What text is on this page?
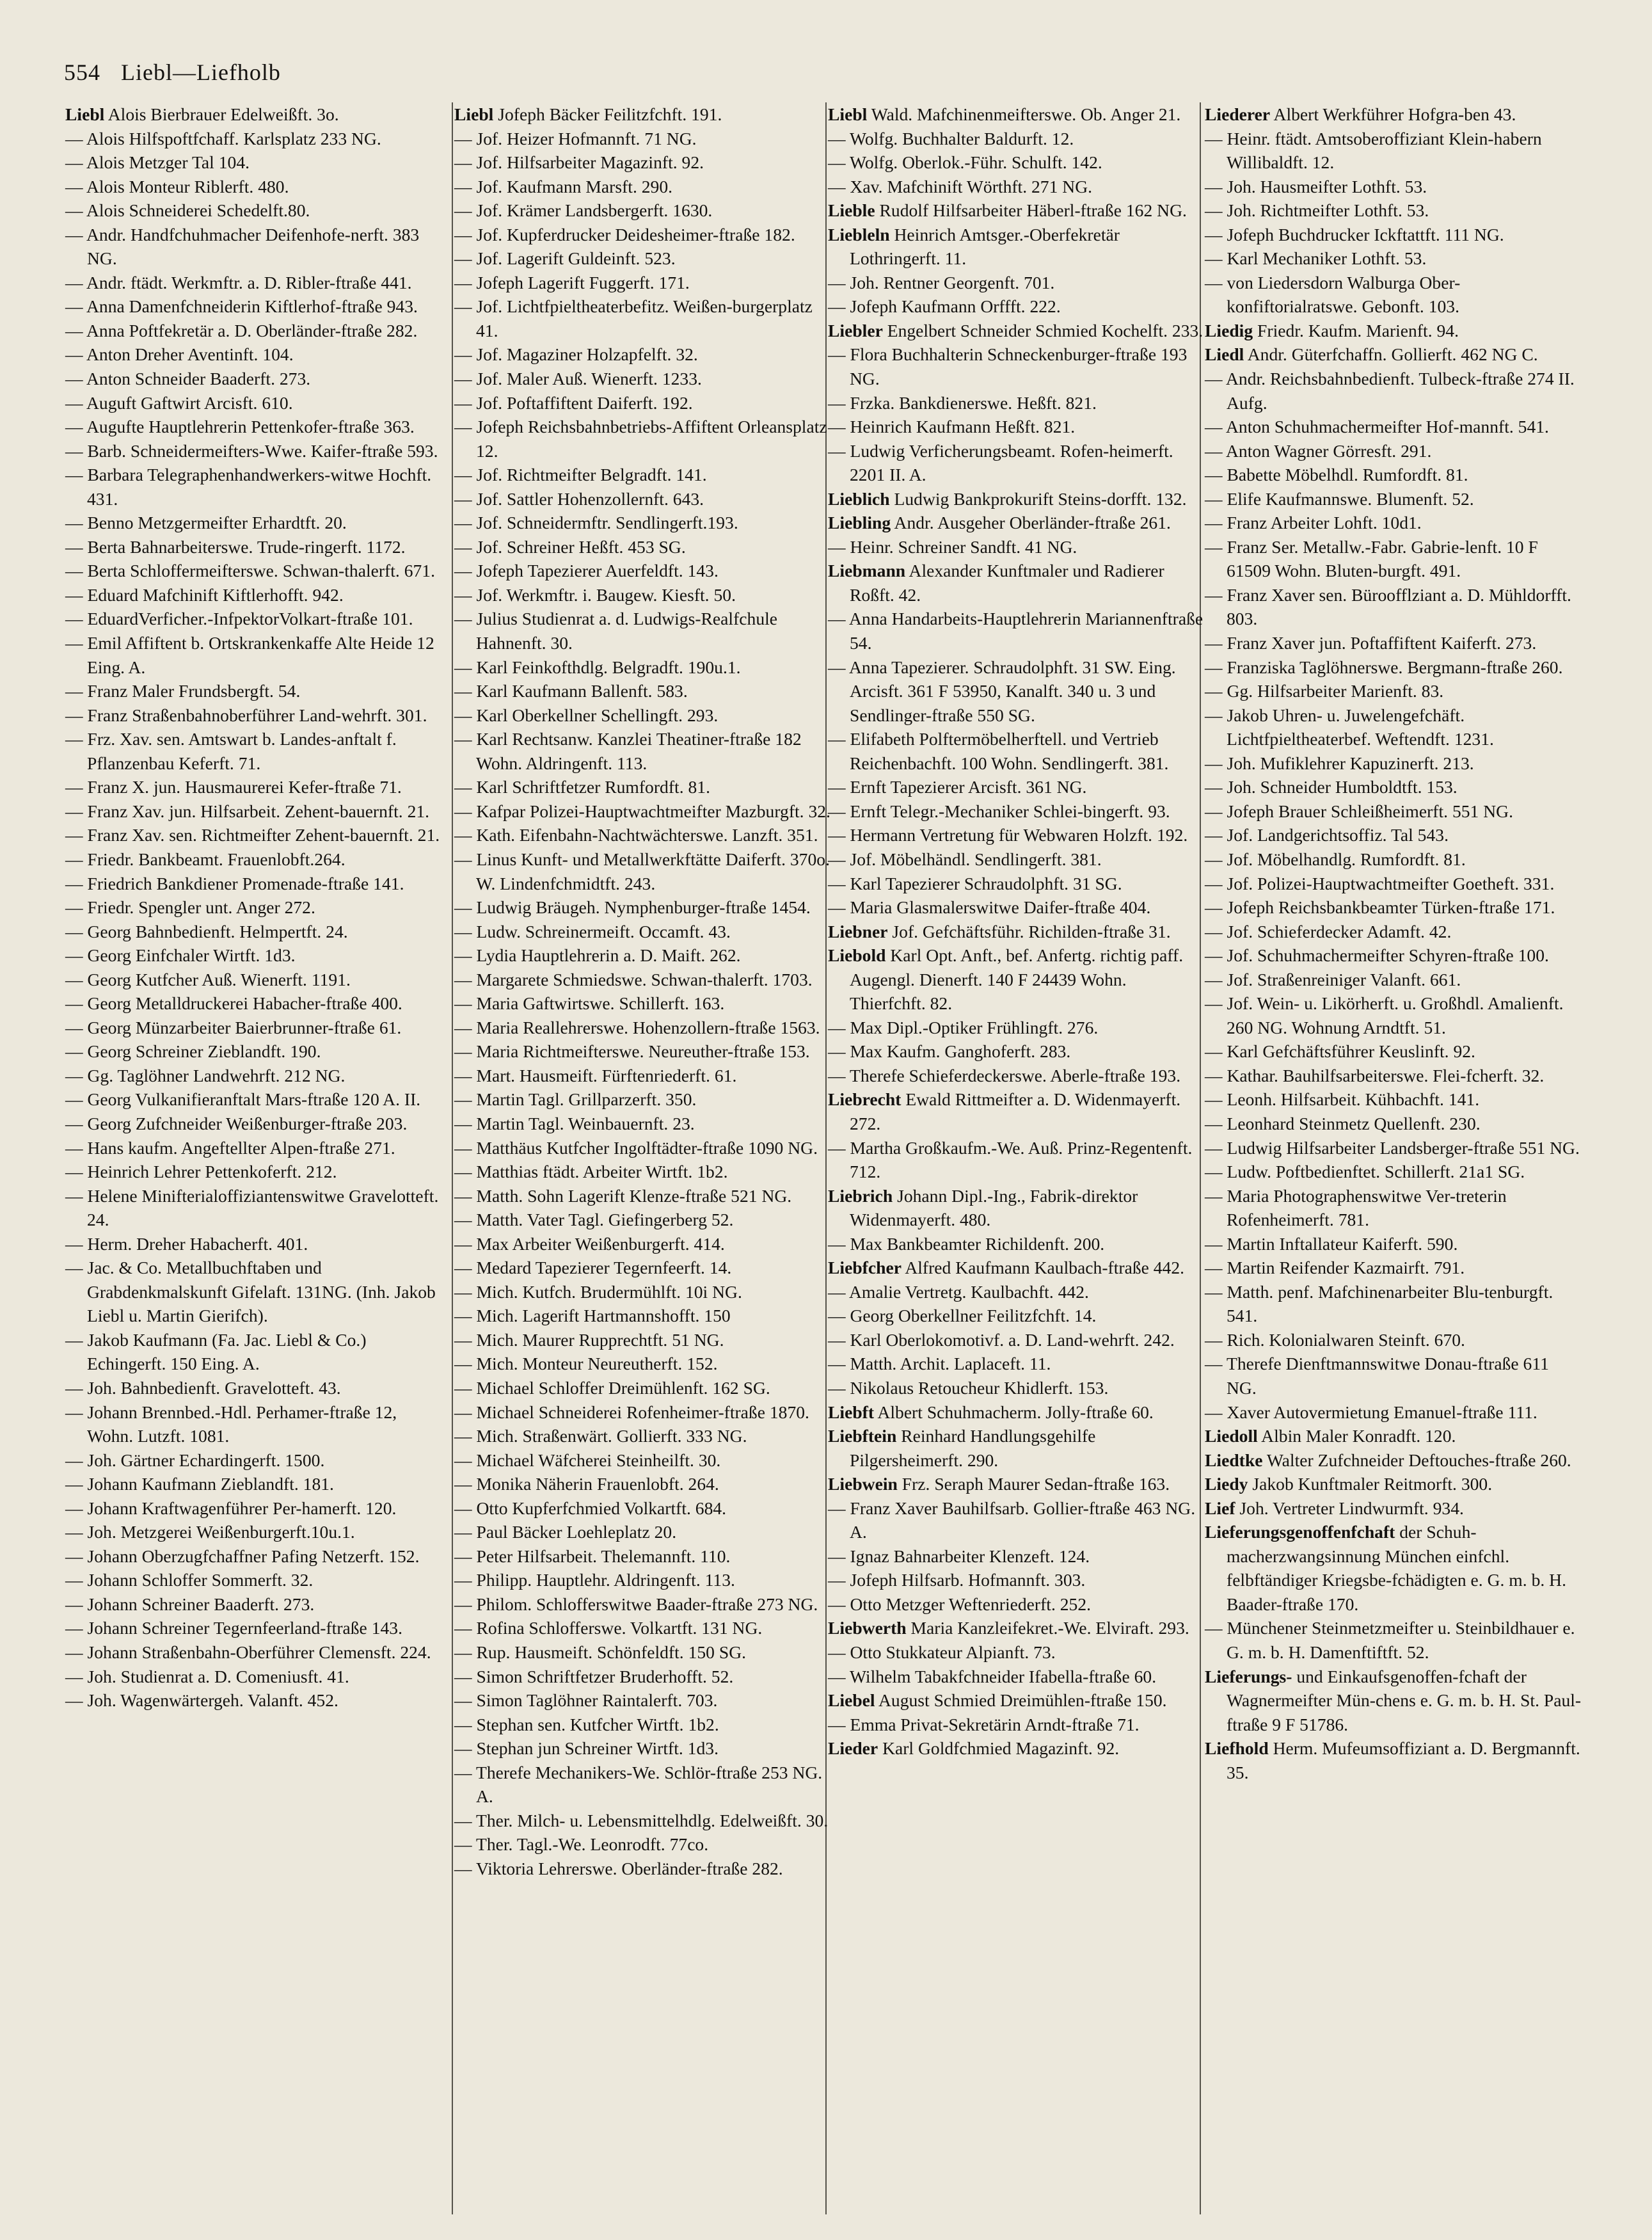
554 Liebl—Liefholb

Liebl Alois Bierbrauer Edelweißft. 3o.

— Alois Hilfspoftfchaff. Karlsplatz 233 NG.

— Alois Metzger Tal 104.

— Alois Monteur Riblerft. 480.

— Alois Schneiderei Schedelft.80.

— Andr. Handfchuhmacher Deifenhofe-nerft. 383 NG.

— Andr. ftädt. Werkmftr. a. D. Ribler-ftraße 441.

— Anna Damenfchneiderin Kiftlerhof-ftraße 943.

— Anna Poftfekretär a. D. Oberländer-ftraße 282.

— Anton Dreher Aventinft. 104.

— Anton Schneider Baaderft. 273.

— Auguft Gaftwirt Arcisft. 610.

— Augufte Hauptlehrerin Pettenkofer-ftraße 363.

— Barb. Schneidermeifters-Wwe. Kaifer-ftraße 593.

— Barbara Telegraphenhandwerkers-witwe Hochft. 431.

— Benno Metzgermeifter Erhardtft. 20.

— Berta Bahnarbeiterswe. Trude-ringerft. 1172.

— Berta Schloffermeifterswe. Schwan-thalerft. 671.

— Eduard Mafchinift Kiftlerhofft. 942.

— EduardVerficher.-InfpektorVolkart-ftraße 101.

— Emil Affiftent b. Ortskrankenkaffe Alte Heide 12 Eing. A.

— Franz Maler Frundsbergft. 54.

— Franz Straßenbahnoberführer Land-wehrft. 301.

— Frz. Xav. sen. Amtswart b. Landes-anftalt f. Pflanzenbau Keferft. 71.

— Franz X. jun. Hausmaurerei Kefer-ftraße 71.

— Franz Xav. jun. Hilfsarbeit. Zehent-bauernft. 21.

— Franz Xav. sen. Richtmeifter Zehent-bauernft. 21.

— Friedr. Bankbeamt. Frauenlobft.264.

— Friedrich Bankdiener Promenade-ftraße 141.

— Friedr. Spengler unt. Anger 272.

— Georg Bahnbedienft. Helmpertft. 24.

— Georg Einfchaler Wirtft. 1d3.

— Georg Kutfcher Auß. Wienerft. 1191.

— Georg Metalldruckerei Habacher-ftraße 400.

— Georg Münzarbeiter Baierbrunner-ftraße 61.

— Georg Schreiner Zieblandft. 190.

— Gg. Taglöhner Landwehrft. 212 NG.

— Georg Vulkanifieranftalt Mars-ftraße 120 A. II.

— Georg Zufchneider Weißenburger-ftraße 203.

— Hans kaufm. Angeftellter Alpen-ftraße 271.

— Heinrich Lehrer Pettenkoferft. 212.

— Helene Minifterialoffiziantenswitwe Gravelotteft. 24.

— Herm. Dreher Habacherft. 401.

— Jac. & Co. Metallbuchftaben und Grabdenkmalskunft Gifelaft. 131NG. (Inh. Jakob Liebl u. Martin Gierifch).

— Jakob Kaufmann (Fa. Jac. Liebl & Co.) Echingerft. 150 Eing. A.

— Joh. Bahnbedienft. Gravelotteft. 43.

— Johann Brennbed.-Hdl. Perhamer-ftraße 12, Wohn. Lutzft. 1081.

— Joh. Gärtner Echardingerft. 1500.

— Johann Kaufmann Zieblandft. 181.

— Johann Kraftwagenführer Per-hamerft. 120.

— Joh. Metzgerei Weißenburgerft.10u.1.

— Johann Oberzugfchaffner Pafing Netzerft. 152.

— Johann Schloffer Sommerft. 32.

— Johann Schreiner Baaderft. 273.

— Johann Schreiner Tegernfeerland-ftraße 143.

— Johann Straßenbahn-Oberführer Clemensft. 224.

— Joh. Studienrat a. D. Comeniusft. 41.

— Joh. Wagenwärtergeh. Valanft. 452.

Liebl Jofeph Bäcker Feilitzfchft. 191.

— Jof. Heizer Hofmannft. 71 NG.

— Jof. Hilfsarbeiter Magazinft. 92.

— Jof. Kaufmann Marsft. 290.

— Jof. Krämer Landsbergerft. 1630.

— Jof. Kupferdrucker Deidesheimer-ftraße 182.

— Jof. Lagerift Guldeinft. 523.

— Jofeph Lagerift Fuggerft. 171.

— Jof. Lichtfpieltheaterbefitz. Weißen-burgerplatz 41.

— Jof. Magaziner Holzapfelft. 32.

— Jof. Maler Auß. Wienerft. 1233.

— Jof. Poftaffiftent Daiferft. 192.

— Jofeph Reichsbahnbetriebs-Affiftent Orleansplatz 12.

— Jof. Richtmeifter Belgradft. 141.

— Jof. Sattler Hohenzollernft. 643.

— Jof. Schneidermftr. Sendlingerft.193.

— Jof. Schreiner Heßft. 453 SG.

— Jofeph Tapezierer Auerfeldft. 143.

— Jof. Werkmftr. i. Baugew. Kiesft. 50.

— Julius Studienrat a. d. Ludwigs-Realfchule Hahnenft. 30.

— Karl Feinkofthdlg. Belgradft. 190u.1.

— Karl Kaufmann Ballenft. 583.

— Karl Oberkellner Schellingft. 293.

— Karl Rechtsanw. Kanzlei Theatiner-ftraße 182 Wohn. Aldringenft. 113.

— Karl Schriftfetzer Rumfordft. 81.

— Kafpar Polizei-Hauptwachtmeifter Mazburgft. 32.

— Kath. Eifenbahn-Nachtwächterswe. Lanzft. 351.

— Linus Kunft- und Metallwerkftätte Daiferft. 370o. W. Lindenfchmidtft. 243.

— Ludwig Bräugeh. Nymphenburger-ftraße 1454.

— Ludw. Schreinermeift. Occamft. 43.

— Lydia Hauptlehrerin a. D. Maift. 262.

— Margarete Schmiedswe. Schwan-thalerft. 1703.

— Maria Gaftwirtswe. Schillerft. 163.

— Maria Reallehrerswe. Hohenzollern-ftraße 1563.

— Maria Richtmeifterswe. Neureuther-ftraße 153.

— Mart. Hausmeift. Fürftenriederft. 61.

— Martin Tagl. Grillparzerft. 350.

— Martin Tagl. Weinbauernft. 23.

— Matthäus Kutfcher Ingolftädter-ftraße 1090 NG.

— Matthias ftädt. Arbeiter Wirtft. 1b2.

— Matth. Sohn Lagerift Klenze-ftraße 521 NG.

— Matth. Vater Tagl. Giefingerberg 52.

— Max Arbeiter Weißenburgerft. 414.

— Medard Tapezierer Tegernfeerft. 14.

— Mich. Kutfch. Brudermühlft. 10i NG.

— Mich. Lagerift Hartmannshofft. 150

— Mich. Maurer Rupprechtft. 51 NG.

— Mich. Monteur Neureutherft. 152.

— Michael Schloffer Dreimühlenft. 162 SG.

— Michael Schneiderei Rofenheimer-ftraße 1870.

— Mich. Straßenwärt. Gollierft. 333 NG.

— Michael Wäfcherei Steinheilft. 30.

— Monika Näherin Frauenlobft. 264.

— Otto Kupferfchmied Volkartft. 684.

— Paul Bäcker Loehleplatz 20.

— Peter Hilfsarbeit. Thelemannft. 110.

— Philipp. Hauptlehr. Aldringenft. 113.

— Philom. Schlofferswitwe Baader-ftraße 273 NG.

— Rofina Schlofferswe. Volkartft. 131 NG.

— Rup. Hausmeift. Schönfeldft. 150 SG.

— Simon Schriftfetzer Bruderhofft. 52.

— Simon Taglöhner Raintalerft. 703.

— Stephan sen. Kutfcher Wirtft. 1b2.

— Stephan jun Schreiner Wirtft. 1d3.

— Therefe Mechanikers-We. Schlör-ftraße 253 NG. A.

— Ther. Milch- u. Lebensmittelhdlg. Edelweißft. 30.

— Ther. Tagl.-We. Leonrodft. 77co.

— Viktoria Lehrerswe. Oberländer-ftraße 282.

Liebl Wald. Mafchinenmeifterswe. Ob. Anger 21.

— Wolfg. Buchhalter Baldurft. 12.

— Wolfg. Oberlok.-Führ. Schulft. 142.

— Xav. Mafchinift Wörthft. 271 NG.

Lieble Rudolf Hilfsarbeiter Häberl-ftraße 162 NG.

Liebleln Heinrich Amtsger.-Oberfekretär Lothringerft. 11.

— Joh. Rentner Georgenft. 701.

— Jofeph Kaufmann Orffft. 222.

Liebler Engelbert Schneider Schmied Kochelft. 233.

— Flora Buchhalterin Schneckenburger-ftraße 193 NG.

— Frzka. Bankdienerswe. Heßft. 821.

— Heinrich Kaufmann Heßft. 821.

— Ludwig Verficherungsbeamt. Rofen-heimerft. 2201 II. A.

Lieblich Ludwig Bankprokurift Steins-dorfft. 132.

Liebling Andr. Ausgeher Oberländer-ftraße 261.

— Heinr. Schreiner Sandft. 41 NG.

Liebmann Alexander Kunftmaler und Radierer Roßft. 42.

— Anna Handarbeits-Hauptlehrerin Mariannenftraße 54.

— Anna Tapezierer. Schraudolphft. 31 SW. Eing. Arcisft. 361 F 53950, Kanalft. 340 u. 3 und Sendlinger-ftraße 550 SG.

— Elifabeth Polftermöbelherftell. und Vertrieb Reichenbachft. 100 Wohn. Sendlingerft. 381.

— Ernft Tapezierer Arcisft. 361 NG.

— Ernft Telegr.-Mechaniker Schlei-bingerft. 93.

— Hermann Vertretung für Webwaren Holzft. 192.

— Jof. Möbelhändl. Sendlingerft. 381.

— Karl Tapezierer Schraudolphft. 31 SG.

— Maria Glasmalerswitwe Daifer-ftraße 404.

Liebner Jof. Gefchäftsführ. Richilden-ftraße 31.

Liebold Karl Opt. Anft., bef. Anfertg. richtig paff. Augengl. Dienerft. 140 F 24439 Wohn. Thierfchft. 82.

— Max Dipl.-Optiker Frühlingft. 276.

— Max Kaufm. Ganghoferft. 283.

— Therefe Schieferdeckerswe. Aberle-ftraße 193.

Liebrecht Ewald Rittmeifter a. D. Widenmayerft. 272.

— Martha Großkaufm.-We. Auß. Prinz-Regentenft. 712.

Liebrich Johann Dipl.-Ing., Fabrik-direktor Widenmayerft. 480.

— Max Bankbeamter Richildenft. 200.

Liebfcher Alfred Kaufmann Kaulbach-ftraße 442.

— Amalie Vertretg. Kaulbachft. 442.

— Georg Oberkellner Feilitzfchft. 14.

— Karl Oberlokomotivf. a. D. Land-wehrft. 242.

— Matth. Archit. Laplaceft. 11.

— Nikolaus Retoucheur Khidlerft. 153.

Liebft Albert Schuhmacherm. Jolly-ftraße 60.

Liebftein Reinhard Handlungsgehilfe Pilgersheimerft. 290.

Liebwein Frz. Seraph Maurer Sedan-ftraße 163.

— Franz Xaver Bauhilfsarb. Gollier-ftraße 463 NG. A.

— Ignaz Bahnarbeiter Klenzeft. 124.

— Jofeph Hilfsarb. Hofmannft. 303.

— Otto Metzger Weftenriederft. 252.

Liebwerth Maria Kanzleifekret.-We. Elviraft. 293.

— Otto Stukkateur Alpianft. 73.

— Wilhelm Tabakfchneider Ifabella-ftraße 60.

Liebel August Schmied Dreimühlen-ftraße 150.

— Emma Privat-Sekretärin Arndt-ftraße 71.

Lieder Karl Goldfchmied Magazinft. 92.

Liederer Albert Werkführer Hofgra-ben 43.

— Heinr. ftädt. Amtsoberoffiziant Klein-habern Willibaldft. 12.

— Joh. Hausmeifter Lothft. 53.

— Joh. Richtmeifter Lothft. 53.

— Jofeph Buchdrucker Ickftattft. 111 NG.

— Karl Mechaniker Lothft. 53.

— von Liedersdorn Walburga Ober-konfiftorialratswe. Gebonft. 103.

Liedig Friedr. Kaufm. Marienft. 94.

Liedl Andr. Güterfchaffn. Gollierft. 462 NG C.

— Andr. Reichsbahnbedienft. Tulbeck-ftraße 274 II. Aufg.

— Anton Schuhmachermeifter Hof-mannft. 541.

— Anton Wagner Görresft. 291.

— Babette Möbelhdl. Rumfordft. 81.

— Elife Kaufmannswe. Blumenft. 52.

— Franz Arbeiter Lohft. 10d1.

— Franz Ser. Metallw.-Fabr. Gabrie-lenft. 10 F 61509 Wohn. Bluten-burgft. 491.

— Franz Xaver sen. Büroofflziant a. D. Mühldorfft. 803.

— Franz Xaver jun. Poftaffiftent Kaiferft. 273.

— Franziska Taglöhnerswe. Bergmann-ftraße 260.

— Gg. Hilfsarbeiter Marienft. 83.

— Jakob Uhren- u. Juwelengefchäft. Lichtfpieltheaterbef. Weftendft. 1231.

— Joh. Mufiklehrer Kapuzinerft. 213.

— Joh. Schneider Humboldtft. 153.

— Jofeph Brauer Schleißheimerft. 551 NG.

— Jof. Landgerichtsoffiz. Tal 543.

— Jof. Möbelhandlg. Rumfordft. 81.

— Jof. Polizei-Hauptwachtmeifter Goetheft. 331.

— Jofeph Reichsbankbeamter Türken-ftraße 171.

— Jof. Schieferdecker Adamft. 42.

— Jof. Schuhmachermeifter Schyren-ftraße 100.

— Jof. Straßenreiniger Valanft. 661.

— Jof. Wein- u. Likörherft. u. Großhdl. Amalienft. 260 NG. Wohnung Arndtft. 51.

— Karl Gefchäftsführer Keuslinft. 92.

— Kathar. Bauhilfsarbeiterswe. Flei-fcherft. 32.

— Leonh. Hilfsarbeit. Kühbachft. 141.

— Leonhard Steinmetz Quellenft. 230.

— Ludwig Hilfsarbeiter Landsberger-ftraße 551 NG.

— Ludw. Poftbedienftet. Schillerft. 21a1 SG.

— Maria Photographenswitwe Ver-treterin Rofenheimerft. 781.

— Martin Inftallateur Kaiferft. 590.

— Martin Reifender Kazmairft. 791.

— Matth. penf. Mafchinenarbeiter Blu-tenburgft. 541.

— Rich. Kolonialwaren Steinft. 670.

— Therefe Dienftmannswitwe Donau-ftraße 611 NG.

— Xaver Autovermietung Emanuel-ftraße 111.

Liedoll Albin Maler Konradft. 120.

Liedtke Walter Zufchneider Deftouches-ftraße 260.

Liedy Jakob Kunftmaler Reitmorft. 300.

Lief Joh. Vertreter Lindwurmft. 934.

Lieferungsgenoffenfchaft der Schuh-macherzwangsinnung München einfchl. felbftändiger Kriegsbe-fchädigten e. G. m. b. H. Baader-ftraße 170.

— Münchener Steinmetzmeifter u. Steinbildhauer e. G. m. b. H. Damenftiftft. 52.

Lieferungs- und Einkaufsgenoffen-fchaft der Wagnermeifter Mün-chens e. G. m. b. H. St. Paul-ftraße 9 F 51786.

Liefhold Herm. Mufeumsoffiziant a. D. Bergmannft. 35.
